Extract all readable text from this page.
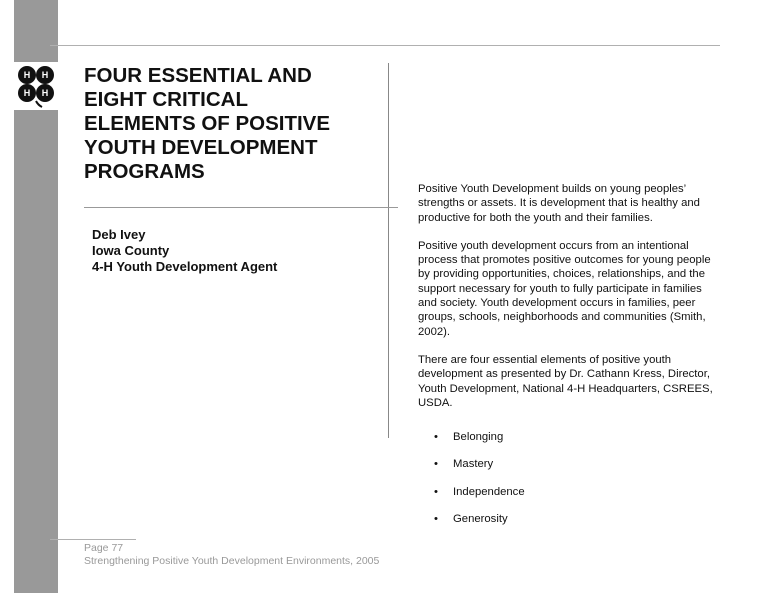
H H
H H
FOUR ESSENTIAL AND
EIGHT CRITICAL
ELEMENTS OF POSITIVE
YOUTH DEVELOPMENT
PROGRAMS
Deb Ivey
Iowa County
4-H Youth Development Agent

Positive Youth Development builds on young peoples’ strengths or assets. It is development that is healthy and productive for both the youth and their families.

Positive youth development occurs from an intentional process that promotes positive outcomes for young people by providing opportunities, choices, relationships, and the support necessary for youth to fully participate in families and society. Youth development occurs in families, peer groups, schools, neighborhoods and communities (Smith, 2002).

There are four essential elements of positive youth development as presented by Dr. Cathann Kress, Director, Youth Development, National 4-H Headquarters, CSREES, USDA.

• Belonging
• Mastery
• Independence
• Generosity
Page 77
Strengthening Positive Youth Development Environments, 2005
